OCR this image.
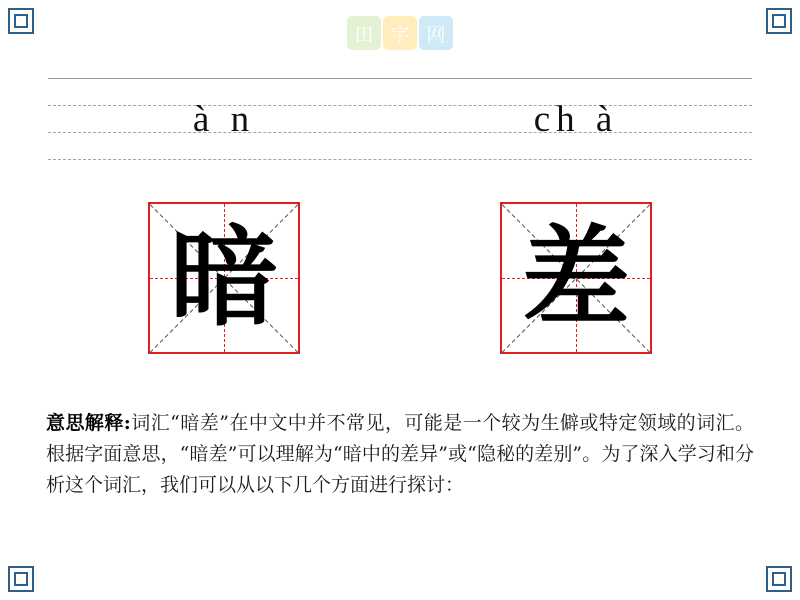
田 字 网
à n	ch à
暗 差
意思解释:词汇“暗差”在中文中并不常见，可能是一个较为生僻或特定领域的词汇。根据字面意思，“暗差”可以理解为“暗中的差异”或“隐秘的差别”。为了深入学习和分析这个词汇，我们可以从以下几个方面进行探讨：
